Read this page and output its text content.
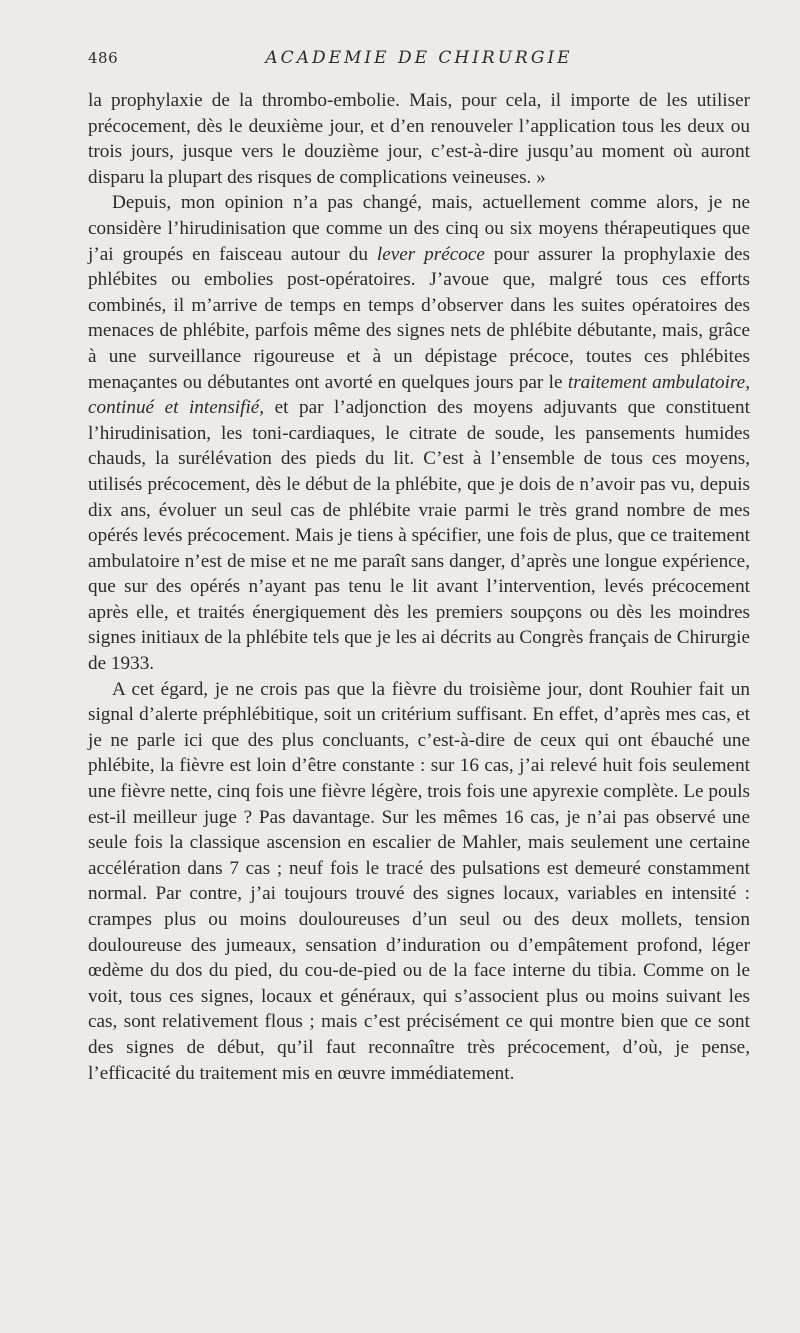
486	ACADEMIE DE CHIRURGIE

la prophylaxie de la thrombo-embolie. Mais, pour cela, il importe de les utiliser précocement, dès le deuxième jour, et d’en renouveler l’application tous les deux ou trois jours, jusque vers le douzième jour, c’est-à-dire jusqu’au moment où auront disparu la plupart des risques de complications veineuses. »

Depuis, mon opinion n’a pas changé, mais, actuellement comme alors, je ne considère l’hirudinisation que comme un des cinq ou six moyens thérapeutiques que j’ai groupés en faisceau autour du lever précoce pour assurer la prophylaxie des phlébites ou embolies post-opératoires. J’avoue que, malgré tous ces efforts combinés, il m’arrive de temps en temps d’observer dans les suites opératoires des menaces de phlébite, parfois même des signes nets de phlébite débutante, mais, grâce à une surveillance rigoureuse et à un dépistage précoce, toutes ces phlébites menaçantes ou débutantes ont avorté en quelques jours par le traitement ambulatoire, continué et intensifié, et par l’adjonction des moyens adjuvants que constituent l’hirudinisation, les toni-cardiaques, le citrate de soude, les pansements humides chauds, la surélévation des pieds du lit. C’est à l’ensemble de tous ces moyens, utilisés précocement, dès le début de la phlébite, que je dois de n’avoir pas vu, depuis dix ans, évoluer un seul cas de phlébite vraie parmi le très grand nombre de mes opérés levés précocement. Mais je tiens à spécifier, une fois de plus, que ce traitement ambulatoire n’est de mise et ne me paraît sans danger, d’après une longue expérience, que sur des opérés n’ayant pas tenu le lit avant l’intervention, levés précocement après elle, et traités énergiquement dès les premiers soupçons ou dès les moindres signes initiaux de la phlébite tels que je les ai décrits au Congrès français de Chirurgie de 1933.

A cet égard, je ne crois pas que la fièvre du troisième jour, dont Rouhier fait un signal d’alerte préphlébitique, soit un critérium suffisant. En effet, d’après mes cas, et je ne parle ici que des plus concluants, c’est-à-dire de ceux qui ont ébauché une phlébite, la fièvre est loin d’être constante : sur 16 cas, j’ai relevé huit fois seulement une fièvre nette, cinq fois une fièvre légère, trois fois une apyrexie complète. Le pouls est-il meilleur juge ? Pas davantage. Sur les mêmes 16 cas, je n’ai pas observé une seule fois la classique ascension en escalier de Mahler, mais seulement une certaine accélération dans 7 cas ; neuf fois le tracé des pulsations est demeuré constamment normal. Par contre, j’ai toujours trouvé des signes locaux, variables en intensité : crampes plus ou moins douloureuses d’un seul ou des deux mollets, tension douloureuse des jumeaux, sensation d’induration ou d’empâtement profond, léger œdème du dos du pied, du cou-de-pied ou de la face interne du tibia. Comme on le voit, tous ces signes, locaux et généraux, qui s’associent plus ou moins suivant les cas, sont relativement flous ; mais c’est précisément ce qui montre bien que ce sont des signes de début, qu’il faut reconnaître très précocement, d’où, je pense, l’efficacité du traitement mis en œuvre immédiatement.
